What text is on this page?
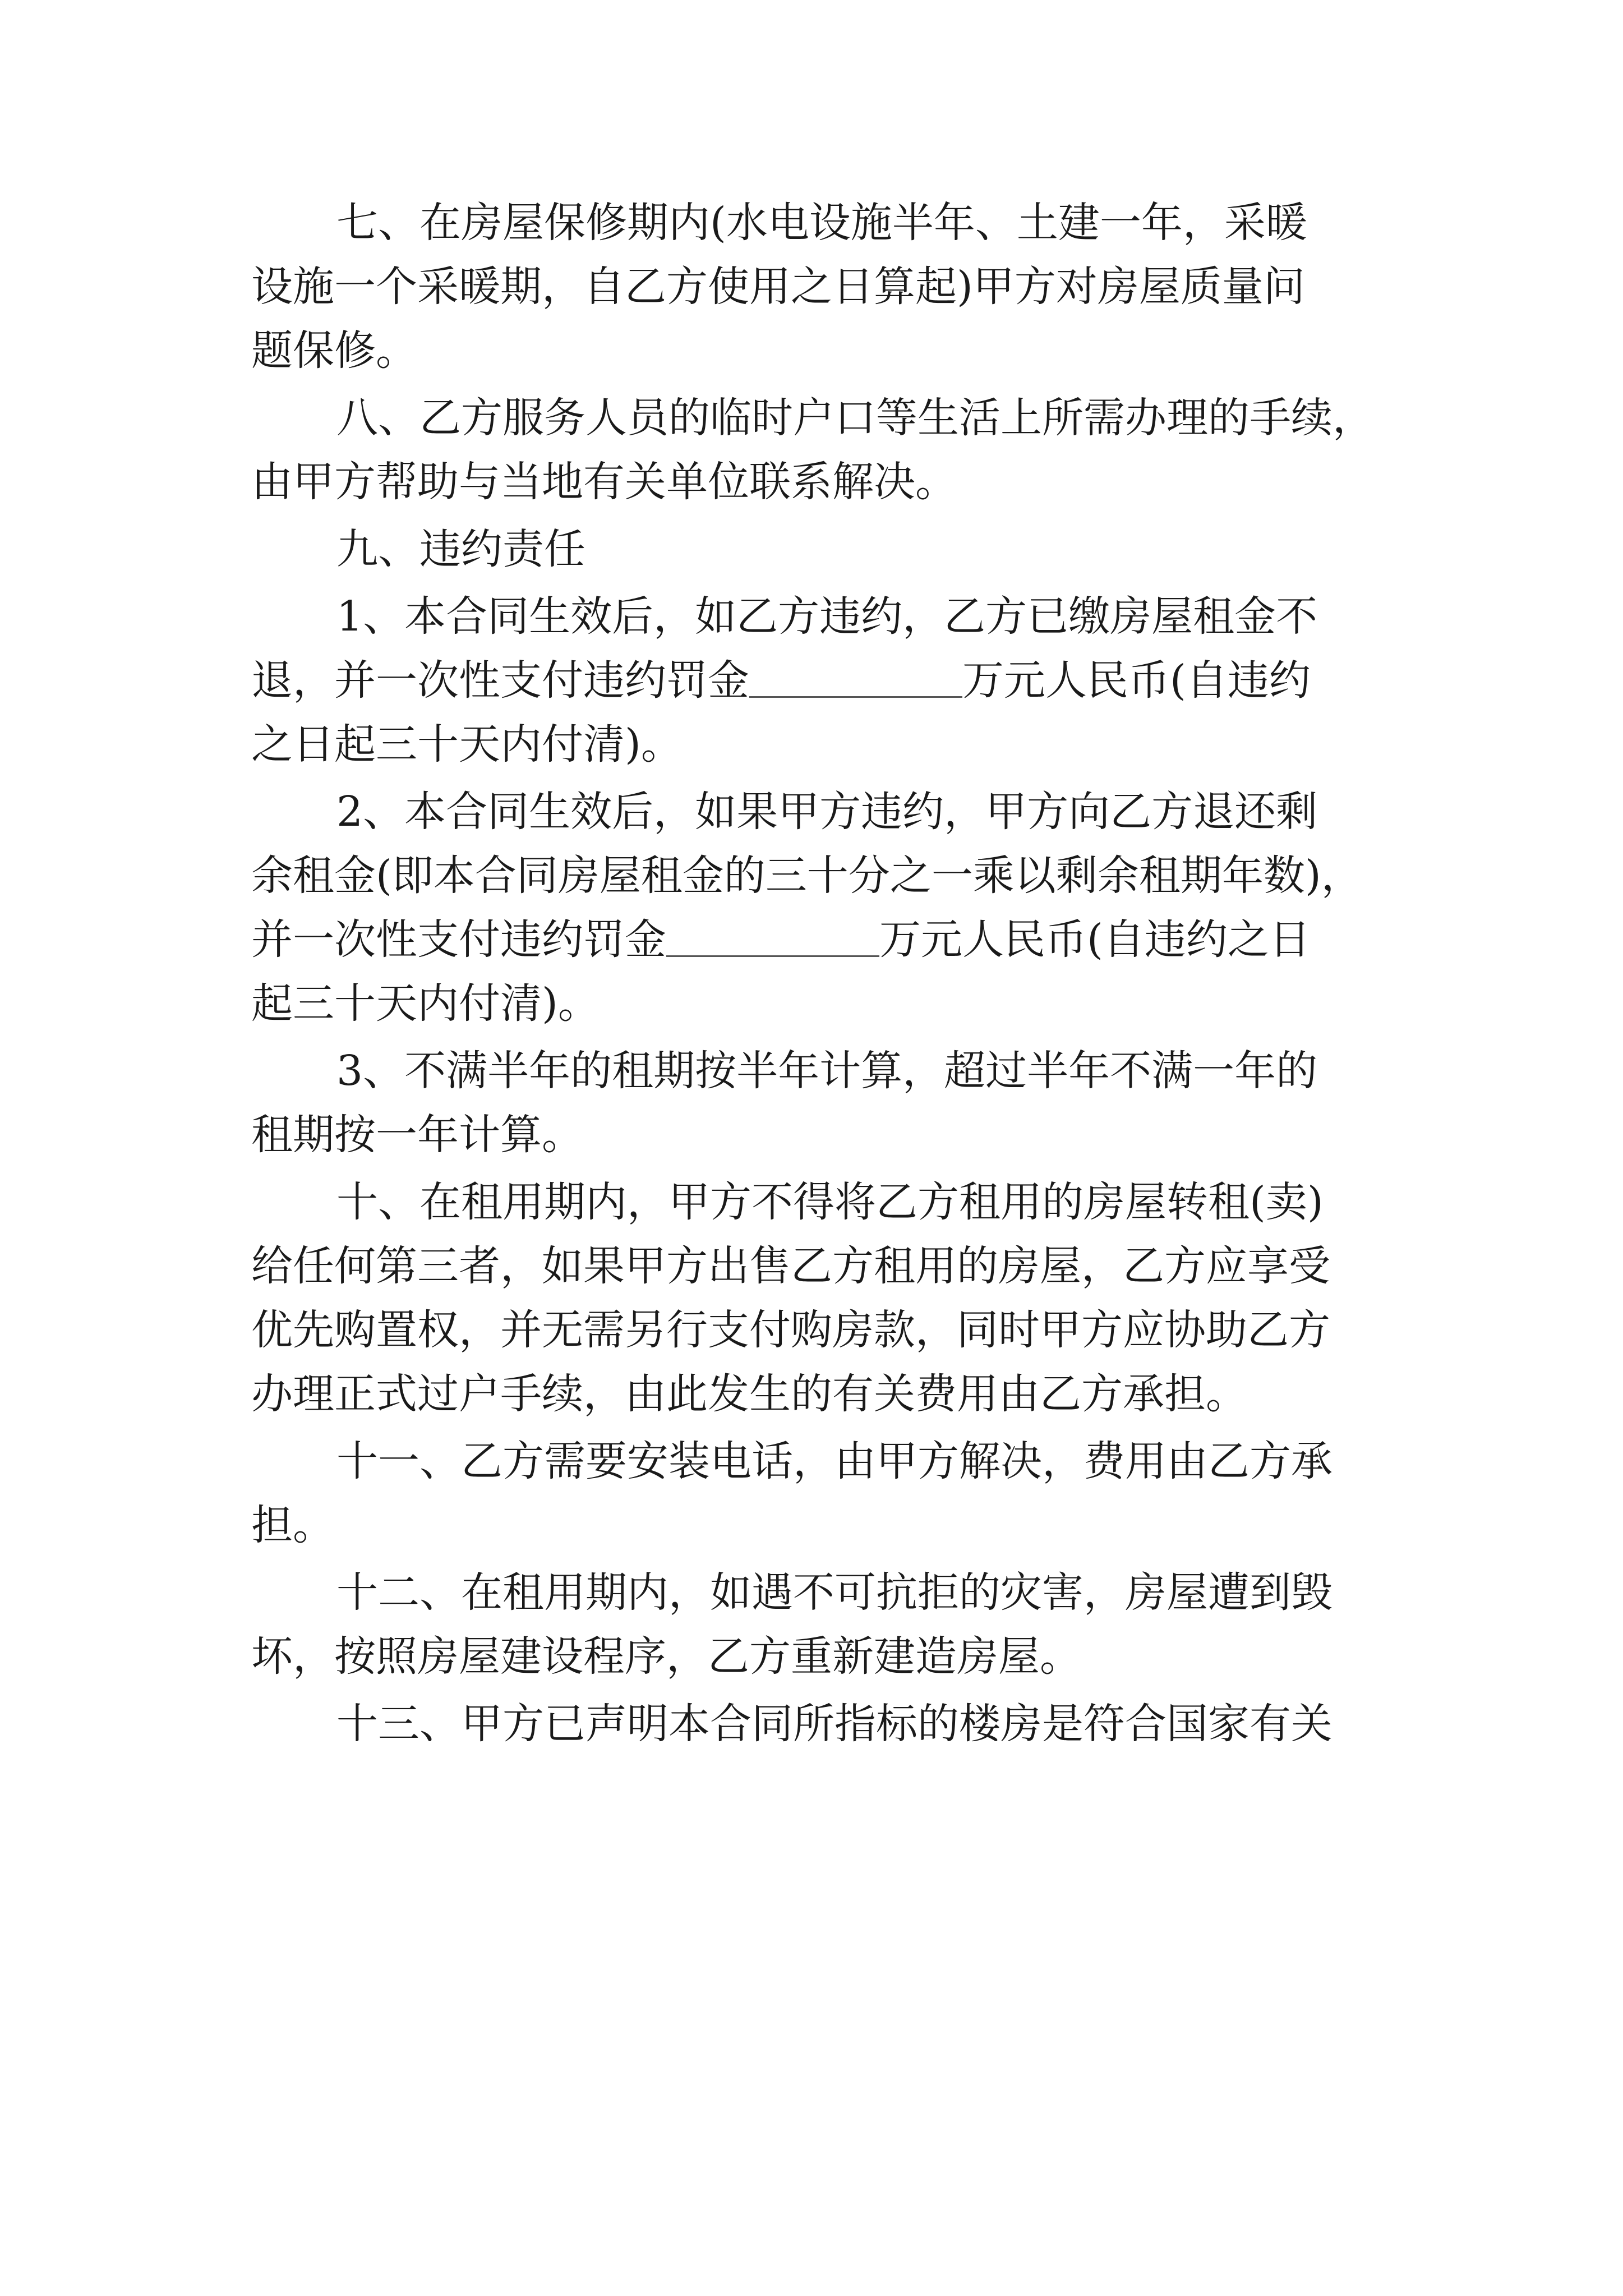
七、在房屋保修期内(水电设施半年、土建一年，采暖
设施一个采暖期，自乙方使用之日算起)甲方对房屋质量问
题保修。
八、乙方服务人员的临时户口等生活上所需办理的手续，
由甲方帮助与当地有关单位联系解决。
九、违约责任
1、本合同生效后，如乙方违约，乙方已缴房屋租金不
退，并一次性支付违约罚金	万元人民币(自违约
之日起三十天内付清)。
2、本合同生效后，如果甲方违约，甲方向乙方退还剩
余租金(即本合同房屋租金的三十分之一乘以剩余租期年数)，
并一次性支付违约罚金	万元人民币(自违约之日
起三十天内付清)。
3、不满半年的租期按半年计算，超过半年不满一年的
租期按一年计算。
十、在租用期内，甲方不得将乙方租用的房屋转租(卖)
给任何第三者，如果甲方出售乙方租用的房屋，乙方应享受
优先购置权，并无需另行支付购房款，同时甲方应协助乙方
办理正式过户手续，由此发生的有关费用由乙方承担。
十一、乙方需要安装电话，由甲方解决，费用由乙方承
担。
十二、在租用期内，如遇不可抗拒的灾害，房屋遭到毁
坏，按照房屋建设程序，乙方重新建造房屋。
十三、甲方已声明本合同所指标的楼房是符合国家有关
